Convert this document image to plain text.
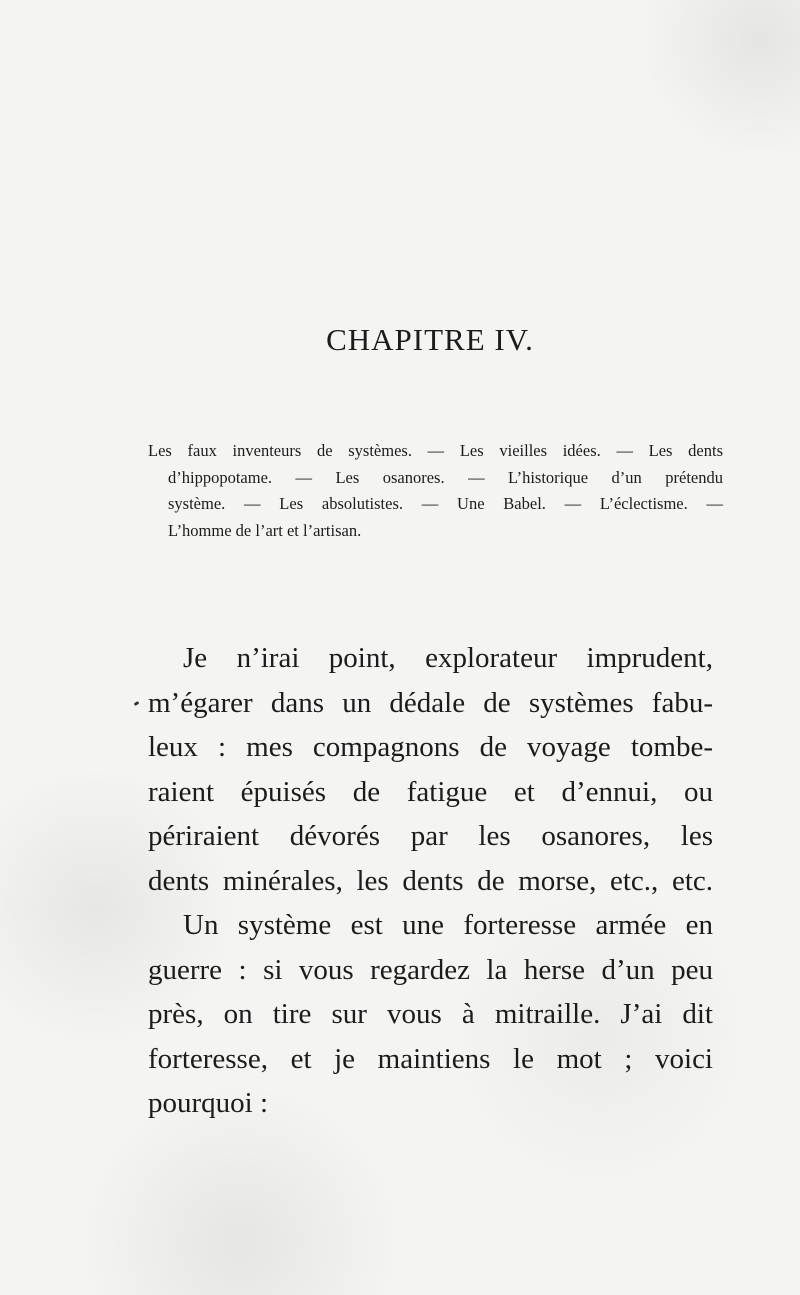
CHAPITRE IV.
Les faux inventeurs de systèmes. — Les vieilles idées. — Les dents
d’hippopotame. — Les osanores. — L’historique d’un prétendu
système. — Les absolutistes. — Une Babel. — L’éclectisme. —
L’homme de l’art et l’artisan.
Je n’irai point, explorateur imprudent,
m’égarer dans un dédale de systèmes fabu-
leux : mes compagnons de voyage tombe-
raient épuisés de fatigue et d’ennui, ou
périraient dévorés par les osanores, les
dents minérales, les dents de morse, etc., etc.
Un système est une forteresse armée en
guerre : si vous regardez la herse d’un peu
près, on tire sur vous à mitraille. J’ai dit
forteresse, et je maintiens le mot ; voici
pourquoi :
